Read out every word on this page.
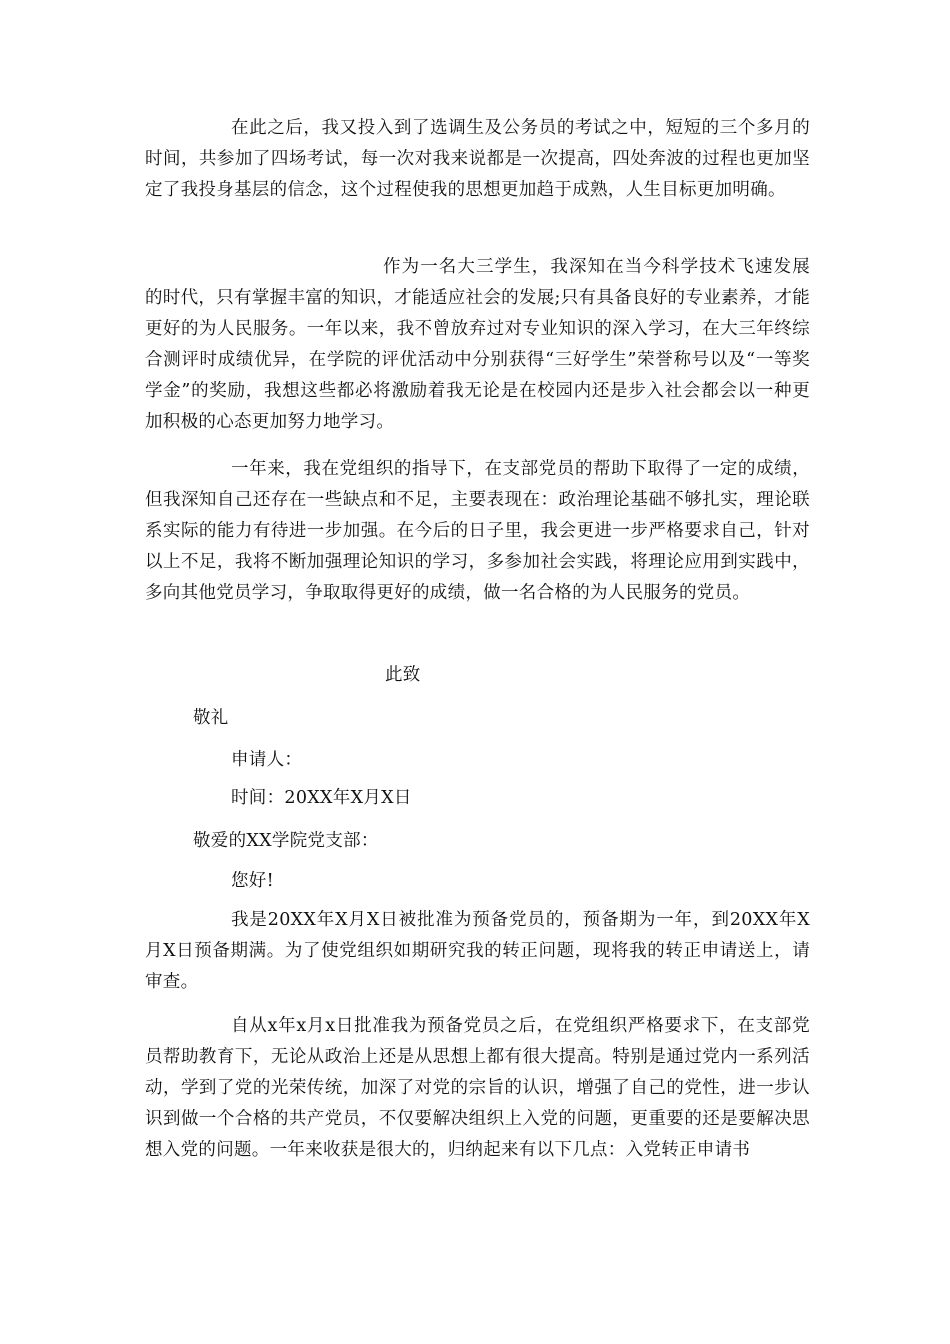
在此之后，我又投入到了选调生及公务员的考试之中，短短的三个多月的时间，共参加了四场考试，每一次对我来说都是一次提高，四处奔波的过程也更加坚定了我投身基层的信念，这个过程使我的思想更加趋于成熟，人生目标更加明确。

作为一名大三学生，我深知在当今科学技术飞速发展的时代，只有掌握丰富的知识，才能适应社会的发展;只有具备良好的专业素养，才能更好的为人民服务。一年以来，我不曾放弃过对专业知识的深入学习，在大三年终综合测评时成绩优异，在学院的评优活动中分别获得“三好学生”荣誉称号以及“一等奖学金”的奖励，我想这些都必将激励着我无论是在校园内还是步入社会都会以一种更加积极的心态更加努力地学习。

一年来，我在党组织的指导下，在支部党员的帮助下取得了一定的成绩，但我深知自己还存在一些缺点和不足，主要表现在：政治理论基础不够扎实，理论联系实际的能力有待进一步加强。在今后的日子里，我会更进一步严格要求自己，针对以上不足，我将不断加强理论知识的学习，多参加社会实践，将理论应用到实践中，多向其他党员学习，争取取得更好的成绩，做一名合格的为人民服务的党员。

此致

敬礼

申请人：

时间：20XX年X月X日

敬爱的XX学院党支部：

您好!

我是20XX年X月X日被批准为预备党员的，预备期为一年，到20XX年X月X日预备期满。为了使党组织如期研究我的转正问题，现将我的转正申请送上，请审查。

自从x年x月x日批准我为预备党员之后，在党组织严格要求下，在支部党员帮助教育下，无论从政治上还是从思想上都有很大提高。特别是通过党内一系列活动，学到了党的光荣传统，加深了对党的宗旨的认识，增强了自己的党性，进一步认识到做一个合格的共产党员，不仅要解决组织上入党的问题，更重要的还是要解决思想入党的问题。一年来收获是很大的，归纳起来有以下几点：入党转正申请书
